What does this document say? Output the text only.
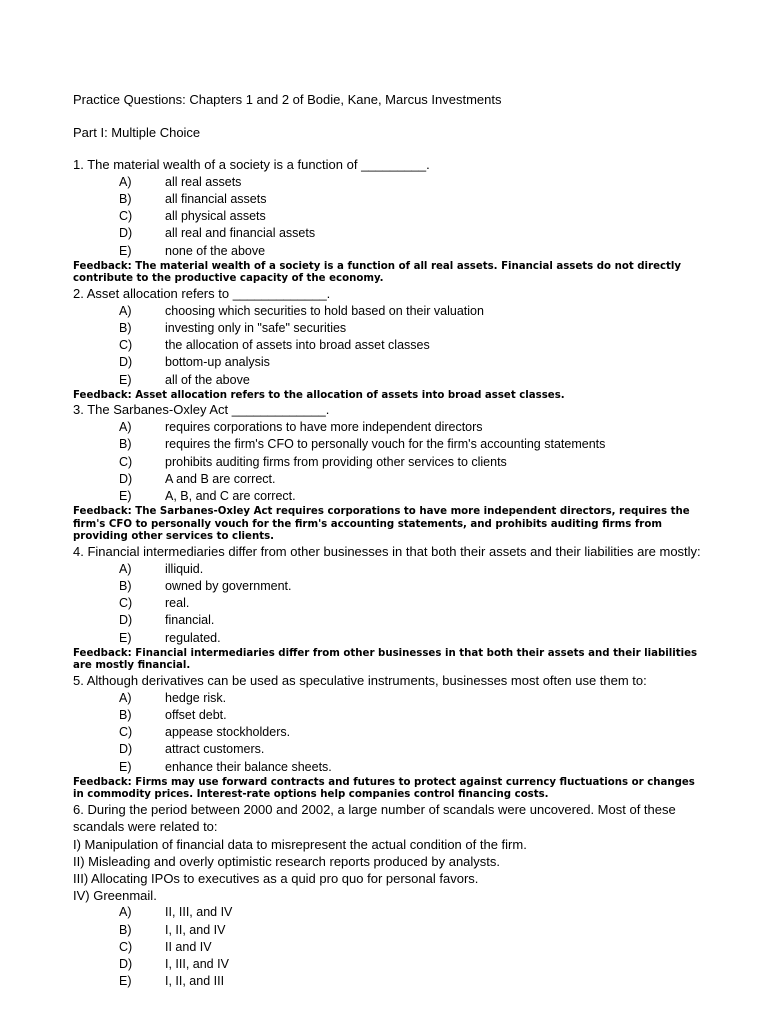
Practice Questions: Chapters 1 and 2 of Bodie, Kane, Marcus Investments
Part I: Multiple Choice
1. The material wealth of a society is a function of _________.
A)	all real assets
B)	all financial assets
C)	all physical assets
D)	all real and financial assets
E)	none of the above
Feedback: The material wealth of a society is a function of all real assets. Financial assets do not directly contribute to the productive capacity of the economy.
2. Asset allocation refers to _____________.
A)	choosing which securities to hold based on their valuation
B)	investing only in "safe" securities
C)	the allocation of assets into broad asset classes
D)	bottom-up analysis
E)	all of the above
Feedback: Asset allocation refers to the allocation of assets into broad asset classes.
3. The Sarbanes-Oxley Act _____________.
A)	requires corporations to have more independent directors
B)	requires the firm's CFO to personally vouch for the firm's accounting statements
C)	prohibits auditing firms from providing other services to clients
D)	A and B are correct.
E)	A, B, and C are correct.
Feedback: The Sarbanes-Oxley Act requires corporations to have more independent directors, requires the firm's CFO to personally vouch for the firm's accounting statements, and prohibits auditing firms from providing other services to clients.
4. Financial intermediaries differ from other businesses in that both their assets and their liabilities are mostly:
A)	illiquid.
B)	owned by government.
C)	real.
D)	financial.
E)	regulated.
Feedback: Financial intermediaries differ from other businesses in that both their assets and their liabilities are mostly financial.
5. Although derivatives can be used as speculative instruments, businesses most often use them to:
A)	hedge risk.
B)	offset debt.
C)	appease stockholders.
D)	attract customers.
E)	enhance their balance sheets.
Feedback: Firms may use forward contracts and futures to protect against currency fluctuations or changes in commodity prices. Interest-rate options help companies control financing costs.
6. During the period between 2000 and 2002, a large number of scandals were uncovered. Most of these scandals were related to:
I) Manipulation of financial data to misrepresent the actual condition of the firm.
II) Misleading and overly optimistic research reports produced by analysts.
III) Allocating IPOs to executives as a quid pro quo for personal favors.
IV) Greenmail.
A)	II, III, and IV
B)	I, II, and IV
C)	II and IV
D)	I, III, and IV
E)	I, II, and III
